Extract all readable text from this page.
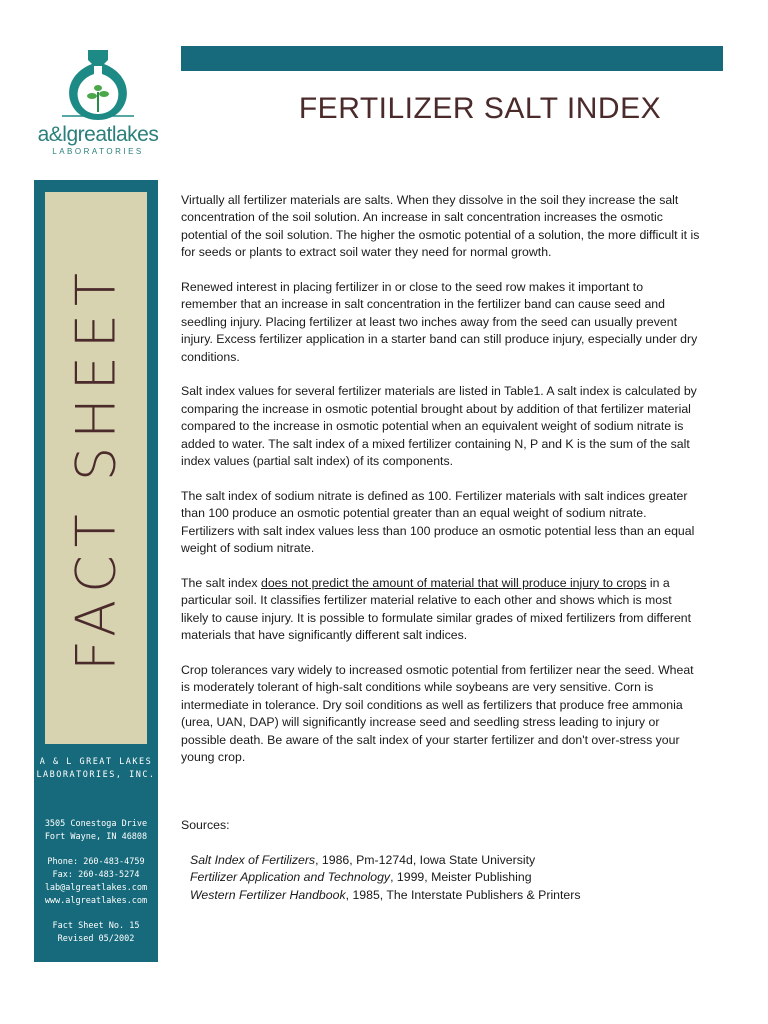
a&lgreatlakes
LABORATORIES
FERTILIZER SALT INDEX
FACT SHEET
A & L GREAT LAKES
LABORATORIES, INC.
3505 Conestoga Drive
Fort Wayne, IN 46808
Phone: 260-483-4759
Fax: 260-483-5274
lab@algreatlakes.com
www.algreatlakes.com
Fact Sheet No. 15
Revised 05/2002

Virtually all fertilizer materials are salts. When they dissolve in the soil they increase the salt concentration of the soil solution. An increase in salt concentration increases the osmotic potential of the soil solution. The higher the osmotic potential of a solution, the more difficult it is for seeds or plants to extract soil water they need for normal growth.

Renewed interest in placing fertilizer in or close to the seed row makes it important to remember that an increase in salt concentration in the fertilizer band can cause seed and seedling injury. Placing fertilizer at least two inches away from the seed can usually prevent injury. Excess fertilizer application in a starter band can still produce injury, especially under dry conditions.

Salt index values for several fertilizer materials are listed in Table1. A salt index is calculated by comparing the increase in osmotic potential brought about by addition of that fertilizer material compared to the increase in osmotic potential when an equivalent weight of sodium nitrate is added to water. The salt index of a mixed fertilizer containing N, P and K is the sum of the salt index values (partial salt index) of its components.

The salt index of sodium nitrate is defined as 100. Fertilizer materials with salt indices greater than 100 produce an osmotic potential greater than an equal weight of sodium nitrate. Fertilizers with salt index values less than 100 produce an osmotic potential less than an equal weight of sodium nitrate.

The salt index does not predict the amount of material that will produce injury to crops in a particular soil. It classifies fertilizer material relative to each other and shows which is most likely to cause injury. It is possible to formulate similar grades of mixed fertilizers from different materials that have significantly different salt indices.

Crop tolerances vary widely to increased osmotic potential from fertilizer near the seed. Wheat is moderately tolerant of high-salt conditions while soybeans are very sensitive. Corn is intermediate in tolerance. Dry soil conditions as well as fertilizers that produce free ammonia (urea, UAN, DAP) will significantly increase seed and seedling stress leading to injury or possible death. Be aware of the salt index of your starter fertilizer and don't over-stress your young crop.

Sources:
Salt Index of Fertilizers, 1986, Pm-1274d, Iowa State University
Fertilizer Application and Technology, 1999, Meister Publishing
Western Fertilizer Handbook, 1985, The Interstate Publishers & Printers
